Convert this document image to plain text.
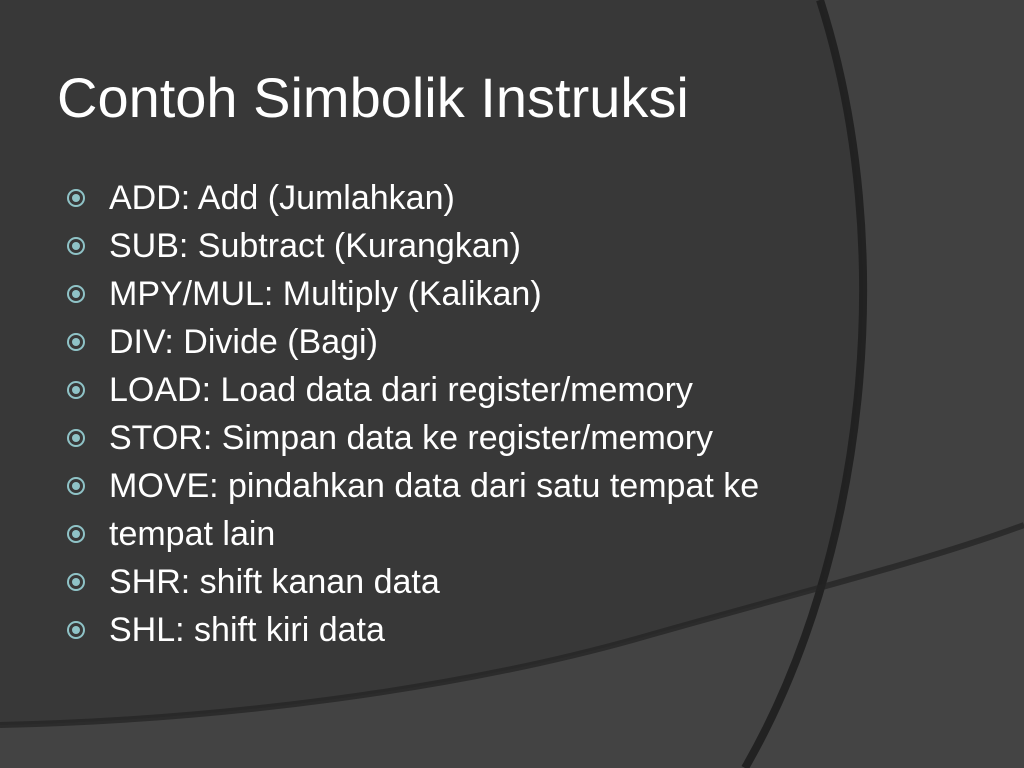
Contoh Simbolik Instruksi
ADD: Add (Jumlahkan)
SUB: Subtract (Kurangkan)
MPY/MUL: Multiply (Kalikan)
DIV: Divide (Bagi)
LOAD: Load data dari register/memory
STOR: Simpan data ke register/memory
MOVE: pindahkan data dari satu tempat ke
tempat lain
SHR: shift kanan data
SHL: shift kiri data
